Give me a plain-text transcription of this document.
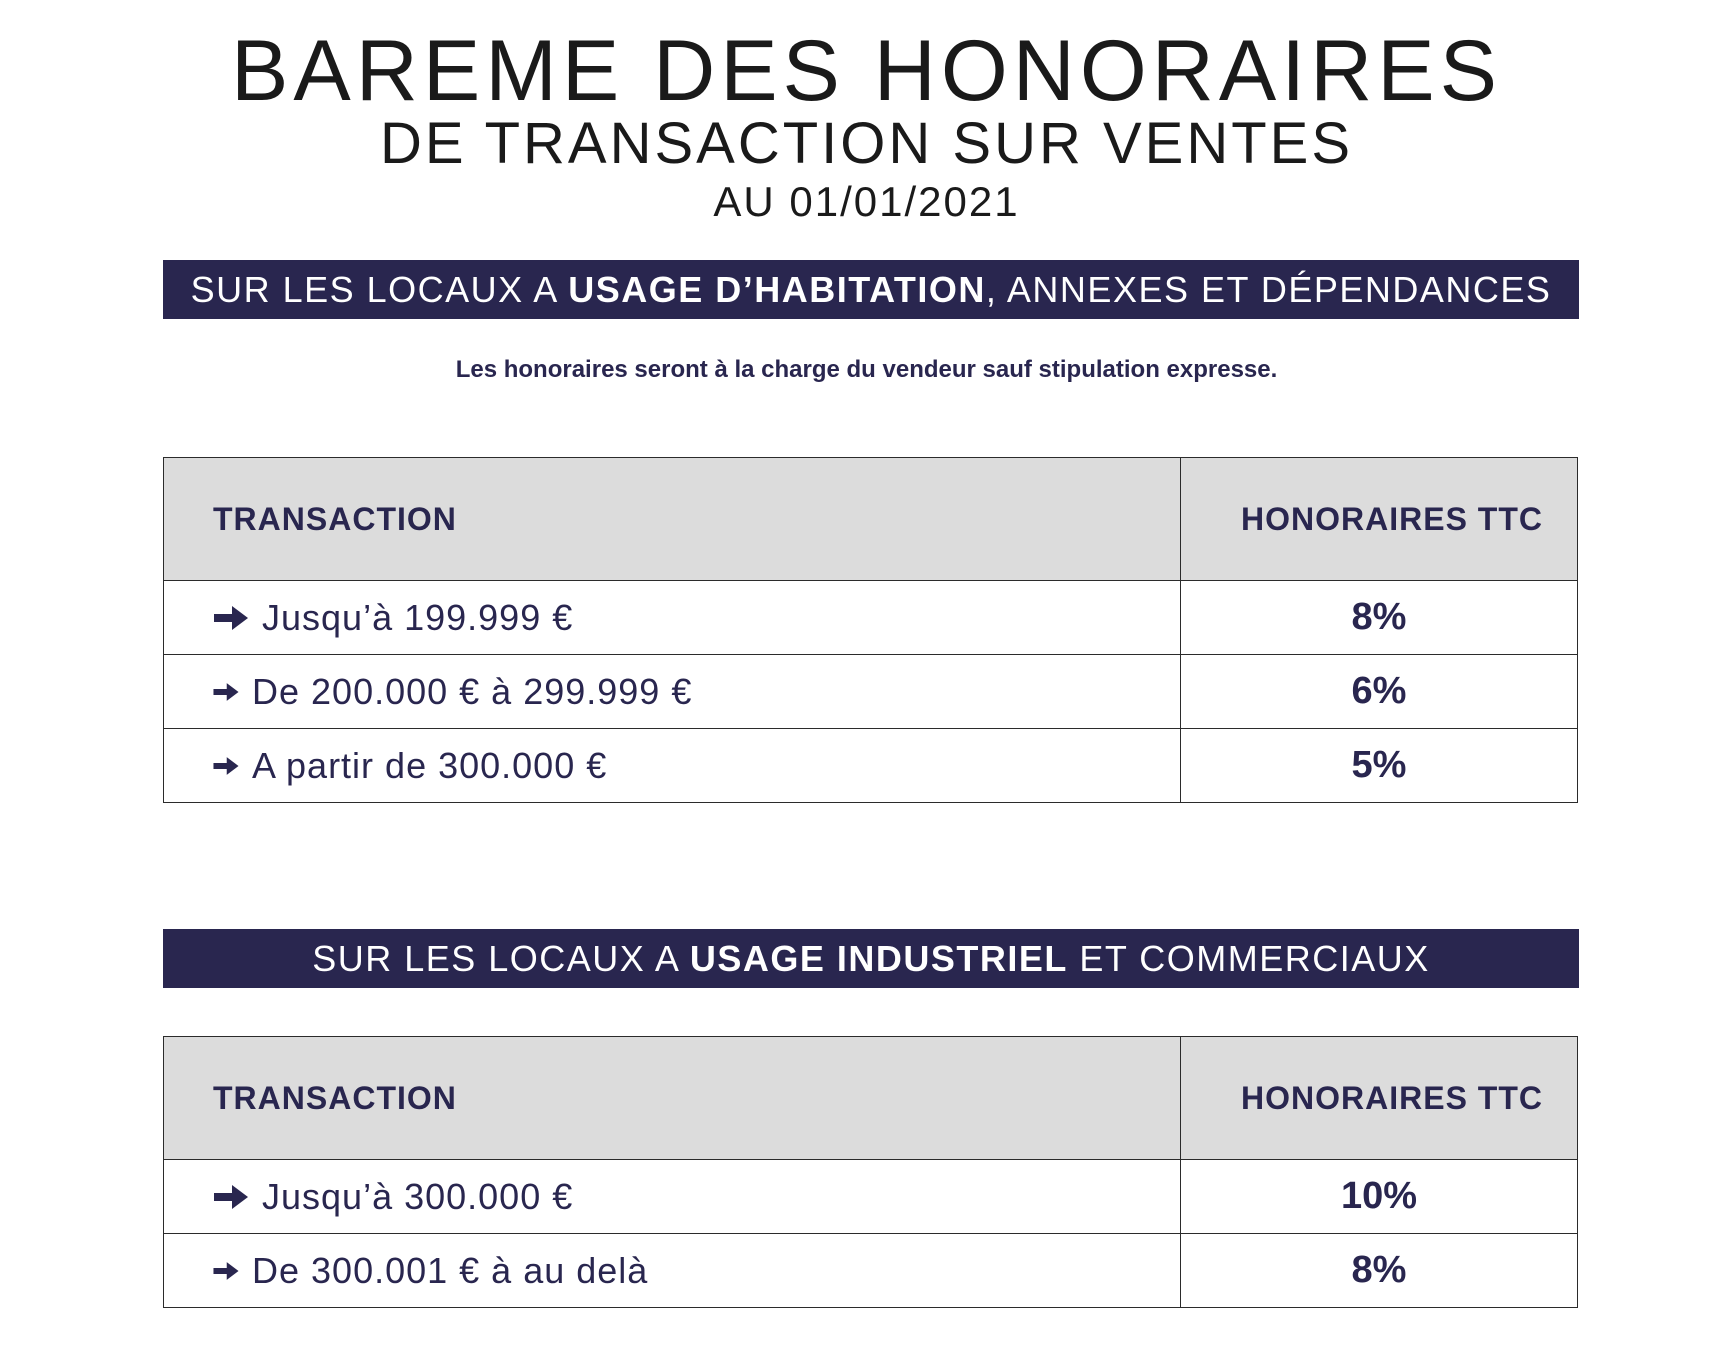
BAREME DES HONORAIRES
DE TRANSACTION SUR VENTES
AU 01/01/2021
SUR LES LOCAUX A USAGE D’HABITATION, ANNEXES ET DÉPENDANCES
Les honoraires seront à la charge du vendeur sauf stipulation expresse.
TRANSACTION	HONORAIRES TTC

Jusqu’à 199.999 €	8%

De 200.000 € à 299.999 €	6%

A partir de 300.000 €	5%
SUR LES LOCAUX A USAGE INDUSTRIEL ET COMMERCIAUX
TRANSACTION	HONORAIRES TTC

Jusqu’à 300.000 €	10%

De 300.001 € à au delà	8%
